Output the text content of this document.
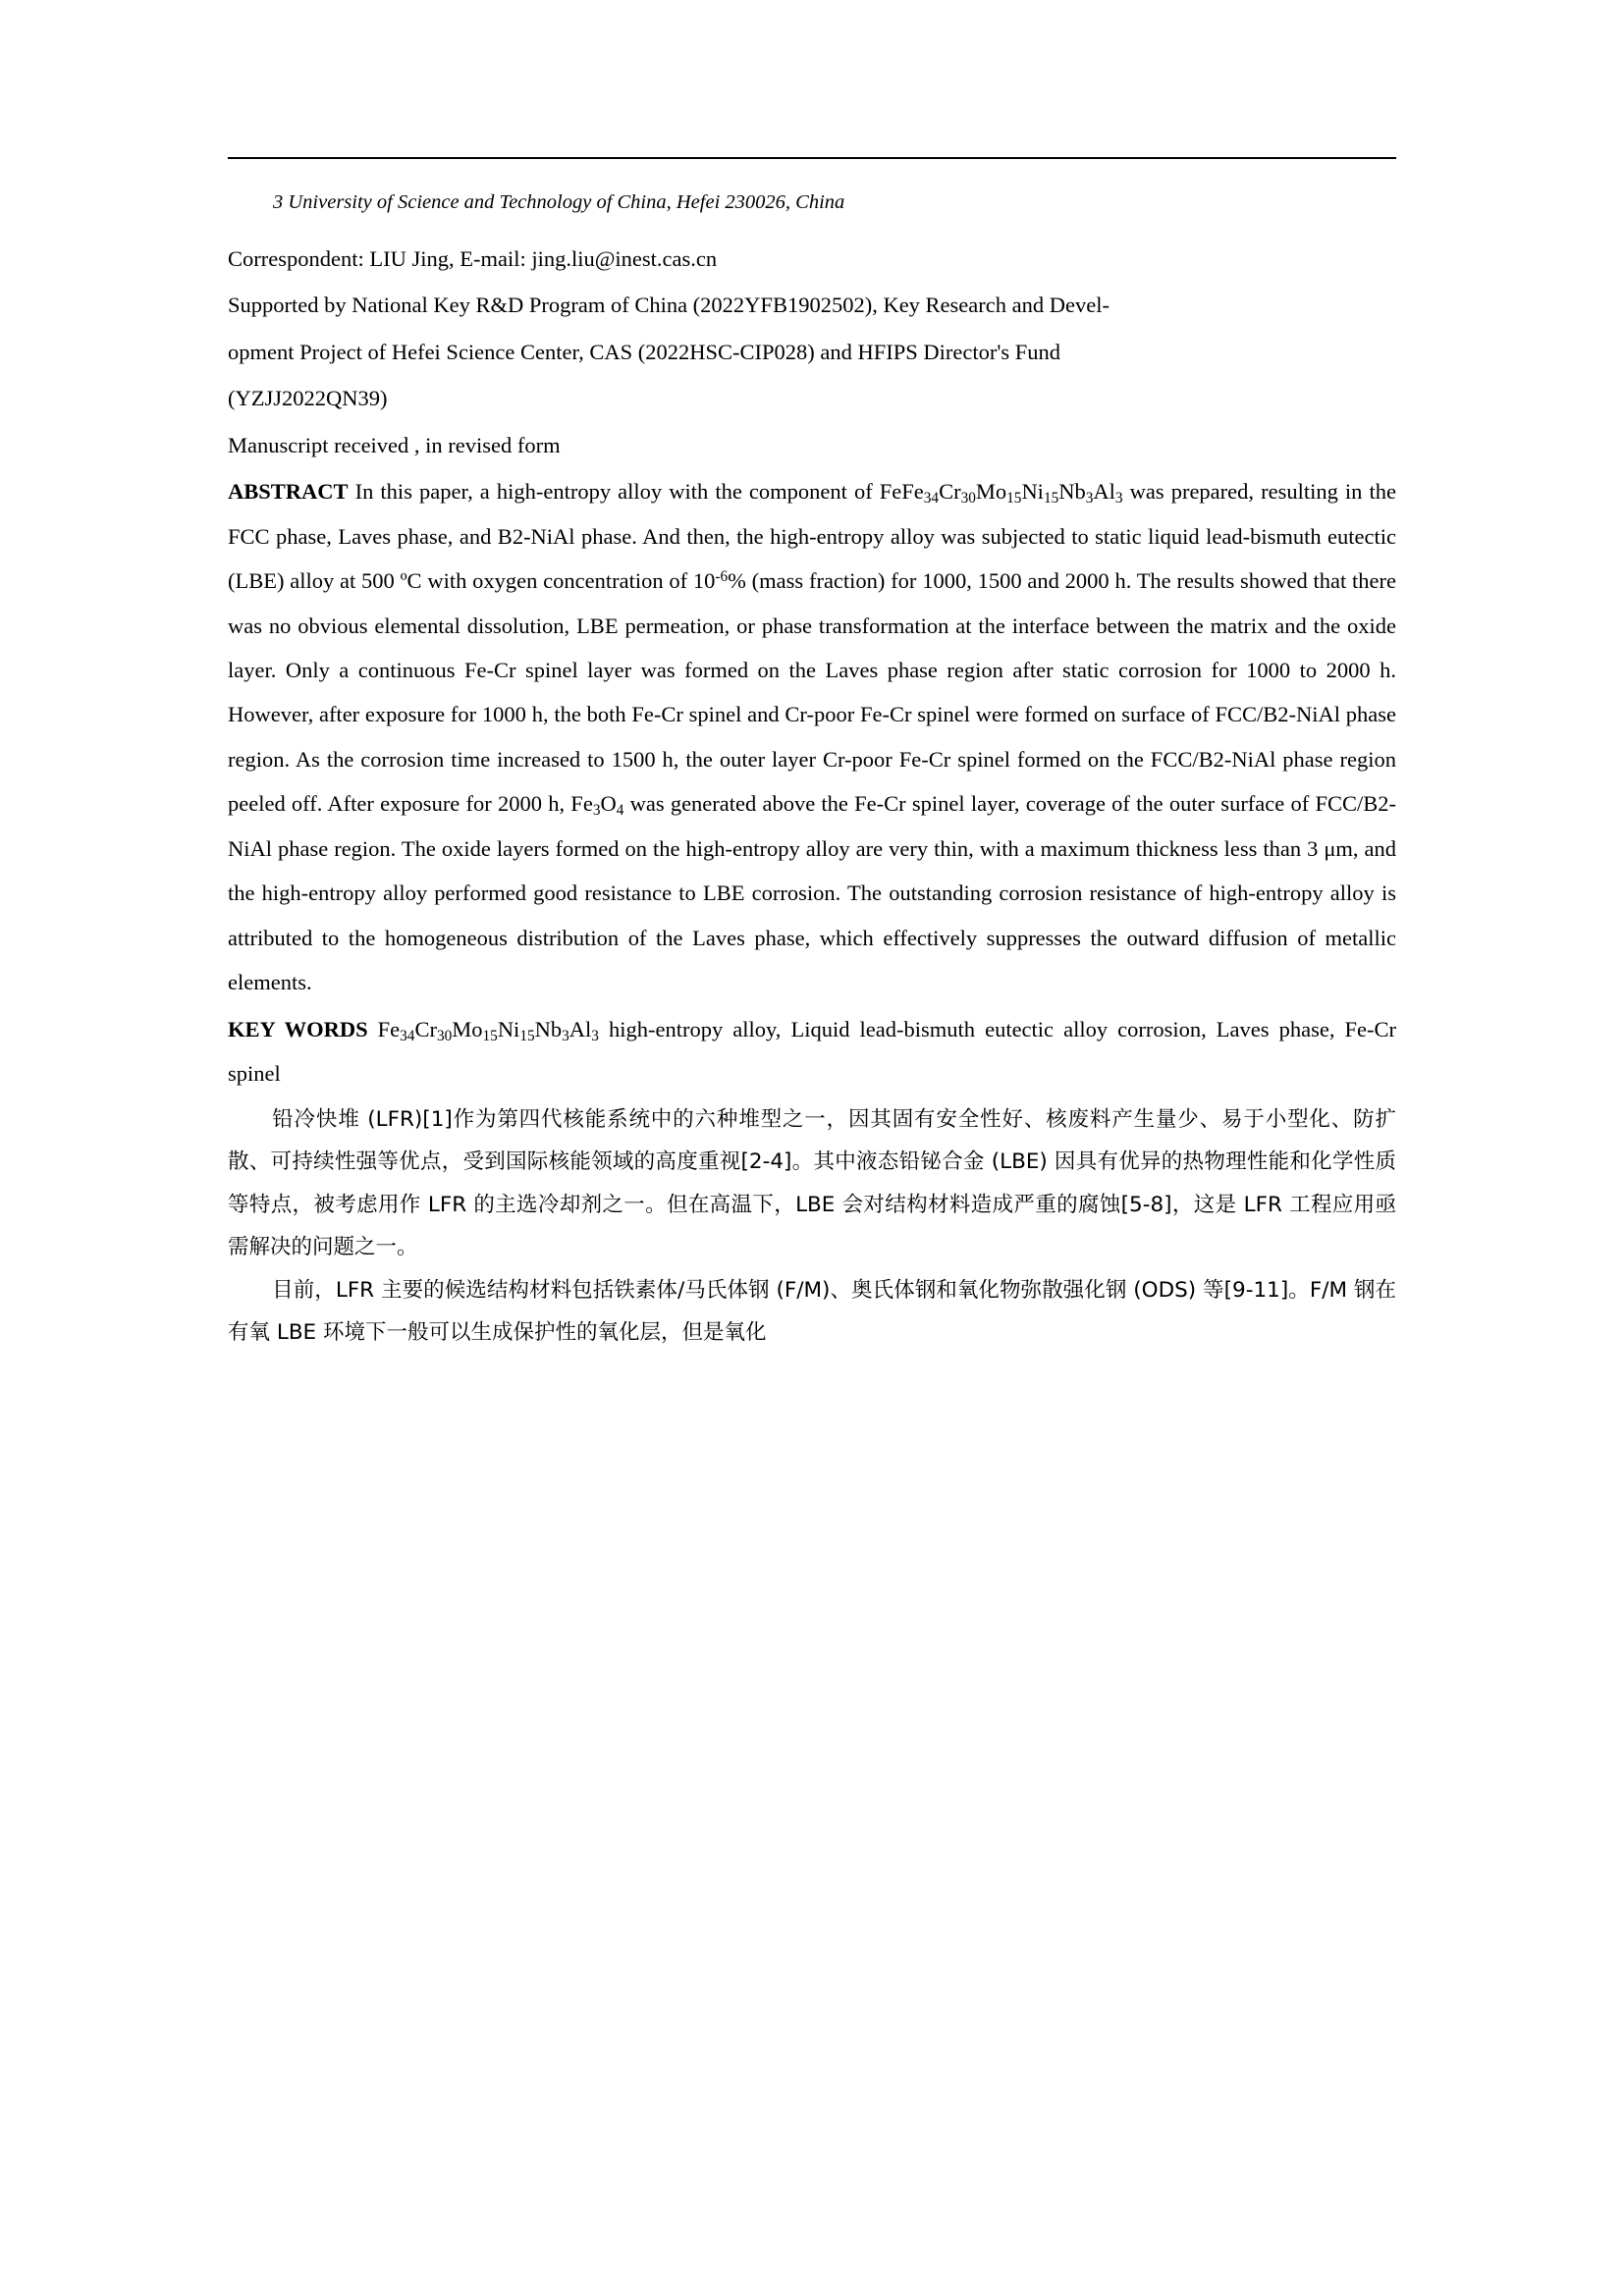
3 University of Science and Technology of China, Hefei 230026, China

Correspondent: LIU Jing, E-mail: jing.liu@inest.cas.cn

Supported by National Key R&D Program of China (2022YFB1902502), Key Research and Devel-

opment Project of Hefei Science Center, CAS (2022HSC-CIP028) and HFIPS Director's Fund

(YZJJ2022QN39)

Manuscript received , in revised form

ABSTRACT In this paper, a high-entropy alloy with the component of $FeFe_{34}Cr_{30}Mo_{15}Ni_{15}Nb_3Al_3$ was prepared, resulting in the FCC phase, Laves phase, and B2-NiAl phase. And then, the high-entropy alloy was subjected to static liquid lead-bismuth eutectic (LBE) alloy at 500 ºC with oxygen concentration of $10^{-6}\%$ (mass fraction) for 1000, 1500 and 2000 h. The results showed that there was no obvious elemental dissolution, LBE permeation, or phase transformation at the interface between the matrix and the oxide layer. Only a continuous Fe-Cr spinel layer was formed on the Laves phase region after static corrosion for 1000 to 2000 h. However, after exposure for 1000 h, the both Fe-Cr spinel and Cr-poor Fe-Cr spinel were formed on surface of FCC/B2-NiAl phase region. As the corrosion time increased to 1500 h, the outer layer Cr-poor Fe-Cr spinel formed on the FCC/B2-NiAl phase region peeled off. After exposure for 2000 h, $Fe_3O_4$ was generated above the Fe-Cr spinel layer, coverage of the outer surface of FCC/B2-NiAl phase region. The oxide layers formed on the high-entropy alloy are very thin, with a maximum thickness less than 3 μm, and the high-entropy alloy performed good resistance to LBE corrosion. The outstanding corrosion resistance of high-entropy alloy is attributed to the homogeneous distribution of the Laves phase, which effectively suppresses the outward diffusion of metallic elements.

KEY WORDS $Fe_{34}Cr_{30}Mo_{15}Ni_{15}Nb_3Al_3$ high-entropy alloy, Liquid lead-bismuth eutectic alloy corrosion, Laves phase, Fe-Cr spinel

铅冷快堆 (LFR)[1]作为第四代核能系统中的六种堆型之一，因其固有安全性好、核废料产生量少、易于小型化、防扩散、可持续性强等优点，受到国际核能领域的高度重视[2-4]。其中液态铅铋合金 (LBE) 因具有优异的热物理性能和化学性质等特点，被考虑用作 LFR 的主选冷却剂之一。但在高温下，LBE 会对结构材料造成严重的腐蚀[5-8]，这是 LFR 工程应用亟需解决的问题之一。

目前，LFR 主要的候选结构材料包括铁素体/马氏体钢 (F/M)、奥氏体钢和氧化物弥散强化钢 (ODS) 等[9-11]。F/M 钢在有氧 LBE 环境下一般可以生成保护性的氧化层，但是氧化
